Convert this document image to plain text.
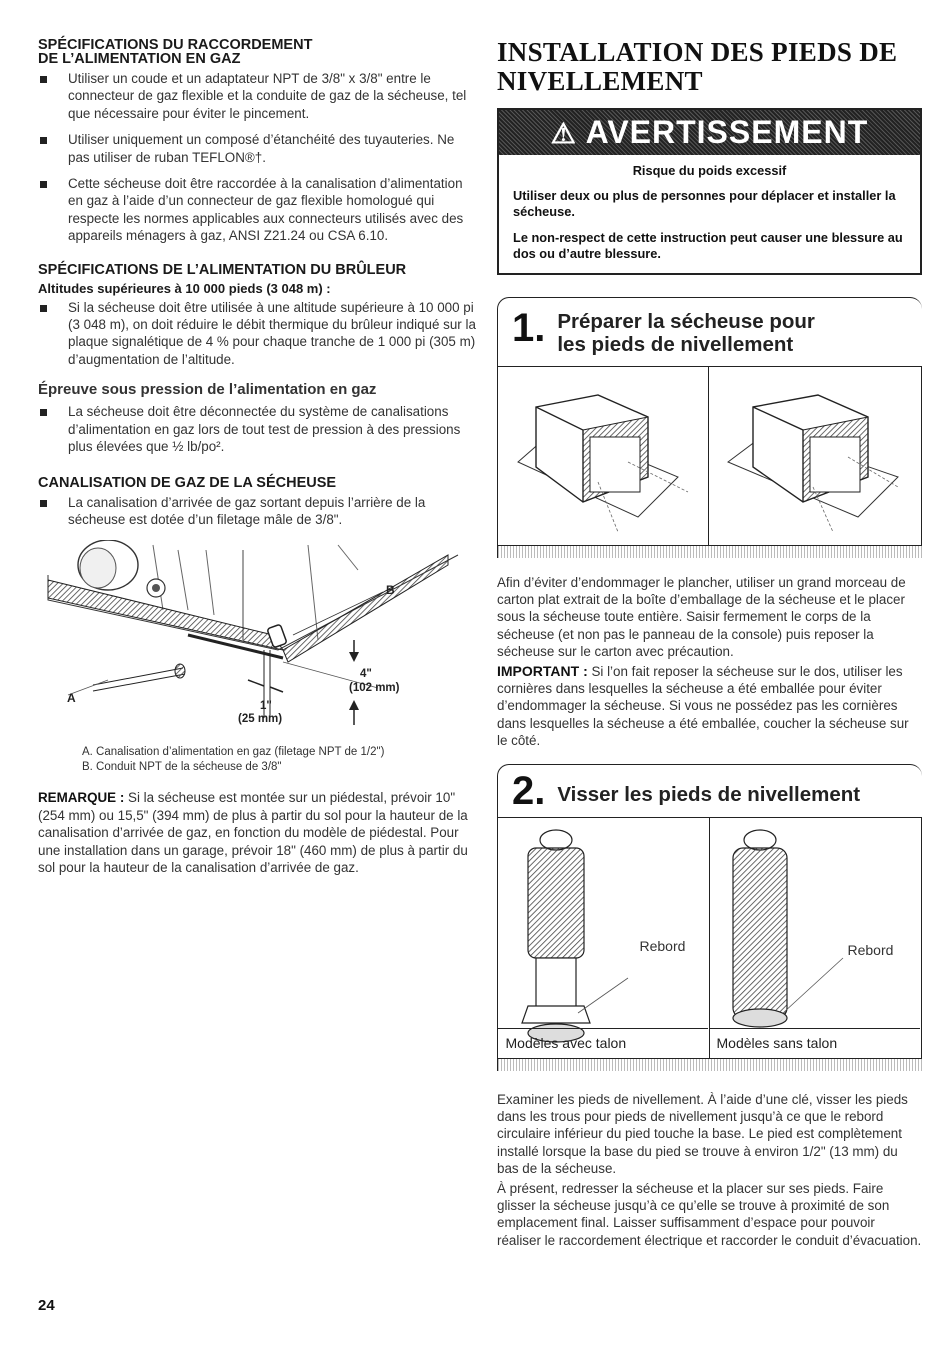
SPÉCIFICATIONS DU RACCORDEMENT
DE L’ALIMENTATION EN GAZ
Utiliser un coude et un adaptateur NPT de 3/8" x 3/8" entre le connecteur de gaz flexible et la conduite de gaz de la sécheuse, tel que nécessaire pour éviter le pincement.
Utiliser uniquement un composé d’étanchéité des tuyauteries. Ne pas utiliser de ruban TEFLON®†.
Cette sécheuse doit être raccordée à la canalisation d’alimentation en gaz à l’aide d’un connecteur de gaz flexible homologué qui respecte les normes applicables aux connecteurs utilisés avec des appareils ménagers à gaz, ANSI Z21.24 ou CSA 6.10.
SPÉCIFICATIONS DE L’ALIMENTATION DU BRÛLEUR

Altitudes supérieures à 10 000 pieds (3 048 m) :

Si la sécheuse doit être utilisée à une altitude supérieure à 10 000 pi (3 048 m), on doit réduire le débit thermique du brûleur indiqué sur la plaque signalétique de 4 % pour chaque tranche de 1 000 pi (305 m) d’augmentation de l’altitude.

Épreuve sous pression de l’alimentation en gaz

La sécheuse doit être déconnectée du système de canalisations d’alimentation en gaz lors de tout test de pression à des pressions plus élevées que ½ lb/po².
CANALISATION DE GAZ DE LA SÉCHEUSE
La canalisation d’arrivée de gaz sortant depuis l’arrière de la sécheuse est dotée d’un filetage mâle de 3/8".
B
A
4"
(102 mm)
1"
(25 mm)
A. Canalisation d’alimentation en gaz (filetage NPT de 1/2")
B. Conduit NPT de la sécheuse de 3/8"

REMARQUE : Si la sécheuse est montée sur un piédestal, prévoir 10" (254 mm) ou 15,5" (394 mm) de plus à partir du sol pour la hauteur de la canalisation d’arrivée de gaz, en fonction du modèle de piédestal. Pour une installation dans un garage, prévoir 18" (460 mm) de plus à partir du sol pour la hauteur de la canalisation d’arrivée de gaz.

INSTALLATION DES PIEDS DE
NIVELLEMENT
⚠ AVERTISSEMENT
Risque du poids excessif
Utiliser deux ou plus de personnes pour déplacer et installer la sécheuse.
Le non-respect de cette instruction peut causer une blessure au dos ou d’autre blessure.
1. Préparer la sécheuse pour
les pieds de nivellement

Afin d’éviter d’endommager le plancher, utiliser un grand morceau de carton plat extrait de la boîte d’emballage de la sécheuse et le placer sous la sécheuse toute entière. Saisir fermement le corps de la sécheuse (et non pas le panneau de la console) puis reposer la sécheuse sur le carton avec précaution.

IMPORTANT : Si l’on fait reposer la sécheuse sur le dos, utiliser les cornières dans lesquelles la sécheuse a été emballée pour éviter d’endommager la sécheuse. Si vous ne possédez pas les cornières dans lesquelles la sécheuse a été emballée, coucher la sécheuse sur le côté.

2. Visser les pieds de nivellement
Rebord	Rebord
Modèles avec talon	Modèles sans talon

Examiner les pieds de nivellement. À l’aide d’une clé, visser les pieds dans les trous pour pieds de nivellement jusqu’à ce que le rebord circulaire inférieur du pied touche la base. Le pied est complètement installé lorsque la base du pied se trouve à environ 1/2" (13 mm) du bas de la sécheuse.

À présent, redresser la sécheuse et la placer sur ses pieds. Faire glisser la sécheuse jusqu’à ce qu’elle se trouve à proximité de son emplacement final. Laisser suffisamment d’espace pour pouvoir réaliser le raccordement électrique et raccorder le conduit d’évacuation.

24
